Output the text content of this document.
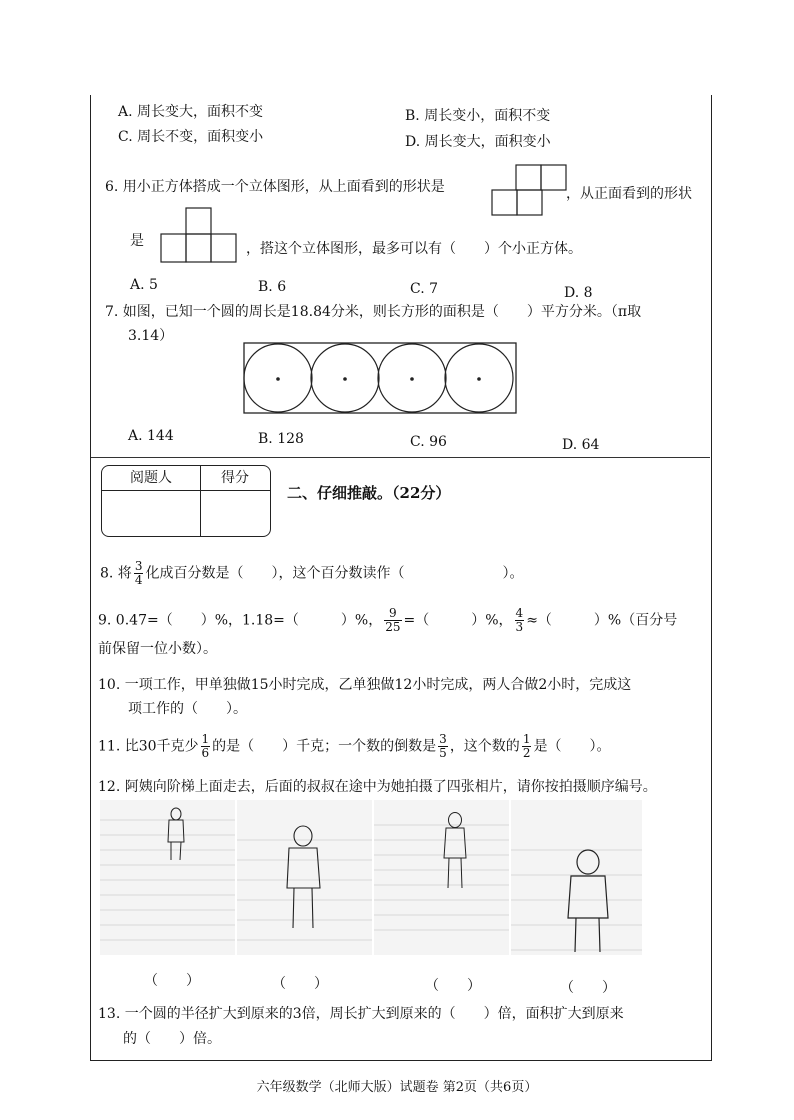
A. 周长变大，面积不变	B. 周长变小，面积不变
C. 周长不变，面积变小	D. 周长变大，面积变小
6. 用小正方体搭成一个立体图形，从上面看到的形状是	，从正面看到的形状
是	，搭这个立体图形，最多可以有（　　）个小正方体。
A. 5	B. 6	C. 7	D. 8
7. 如图，已知一个圆的周长是18.84分米，则长方形的面积是（　　）平方分米。（π取
3.14）
A. 144	B. 128	C. 96	D. 64
阅题人	得分
二、仔细推敲。（22分）
8. 将 $\frac{3}{4}$ 化成百分数是（　　），这个百分数读作（　　　　　　　）。
9. 0.47=（　　）%，1.18=（　　　）%， $\frac{9}{25}$ =（　　　）%， $\frac{4}{3}$ ≈（　　　）%（百分号
前保留一位小数）。
10. 一项工作，甲单独做15小时完成，乙单独做12小时完成，两人合做2小时，完成这
项工作的（　　）。
11. 比30千克少 $\frac{1}{6}$ 的是（　　）千克；一个数的倒数是 $\frac{3}{5}$ ，这个数的 $\frac{1}{2}$ 是（　　）。
12. 阿姨向阶梯上面走去，后面的叔叔在途中为她拍摄了四张相片，请你按拍摄顺序编号。
（　　）	（　　）	（　　）	（　　）
13. 一个圆的半径扩大到原来的3倍，周长扩大到原来的（　　）倍，面积扩大到原来
的（　　）倍。
六年级数学（北师大版）试题卷 第2页（共6页）
